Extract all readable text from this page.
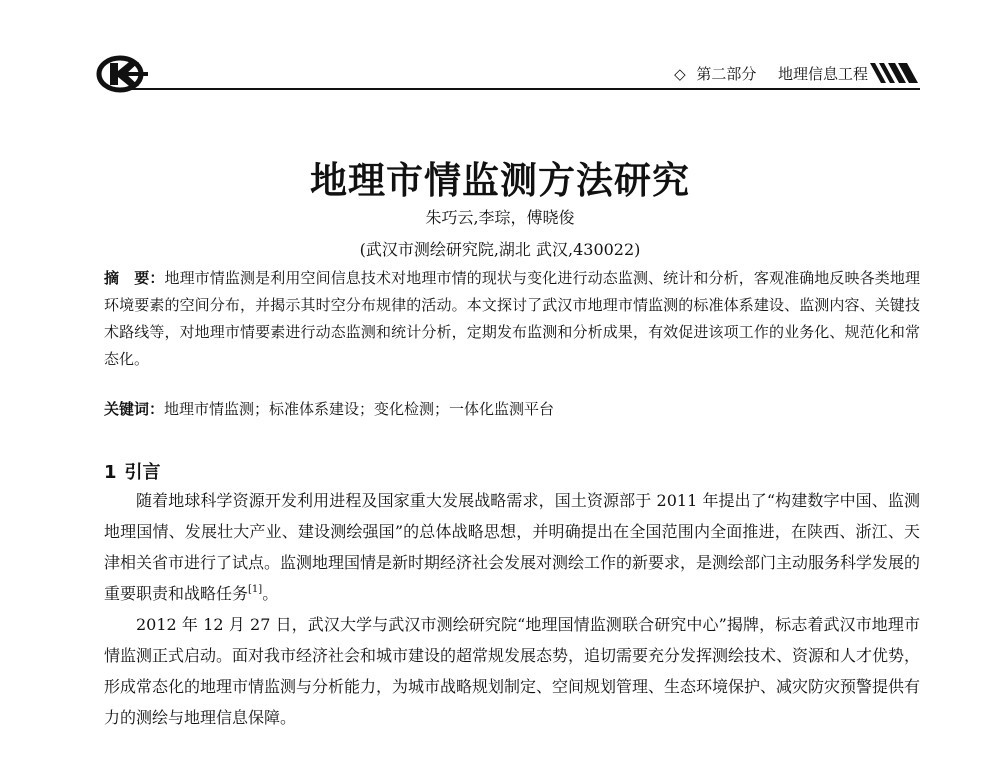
◇ 第二部分 地理信息工程
地理市情监测方法研究
朱巧云,李琮，傅晓俊
(武汉市测绘研究院,湖北 武汉,430022)
摘　要：地理市情监测是利用空间信息技术对地理市情的现状与变化进行动态监测、统计和分析，客观准确地反映各类地理环境要素的空间分布，并揭示其时空分布规律的活动。本文探讨了武汉市地理市情监测的标准体系建设、监测内容、关键技术路线等，对地理市情要素进行动态监测和统计分析，定期发布监测和分析成果，有效促进该项工作的业务化、规范化和常态化。
关键词：地理市情监测；标准体系建设；变化检测；一体化监测平台
1 引言

随着地球科学资源开发利用进程及国家重大发展战略需求，国土资源部于 2011 年提出了“构建数字中国、监测地理国情、发展壮大产业、建设测绘强国”的总体战略思想，并明确提出在全国范围内全面推进，在陕西、浙江、天津相关省市进行了试点。监测地理国情是新时期经济社会发展对测绘工作的新要求，是测绘部门主动服务科学发展的重要职责和战略任务[1]。

2012 年 12 月 27 日，武汉大学与武汉市测绘研究院“地理国情监测联合研究中心”揭牌，标志着武汉市地理市情监测正式启动。面对我市经济社会和城市建设的超常规发展态势，追切需要充分发挥测绘技术、资源和人才优势，形成常态化的地理市情监测与分析能力，为城市战略规划制定、空间规划管理、生态环境保护、减灾防灾预警提供有力的测绘与地理信息保障。
